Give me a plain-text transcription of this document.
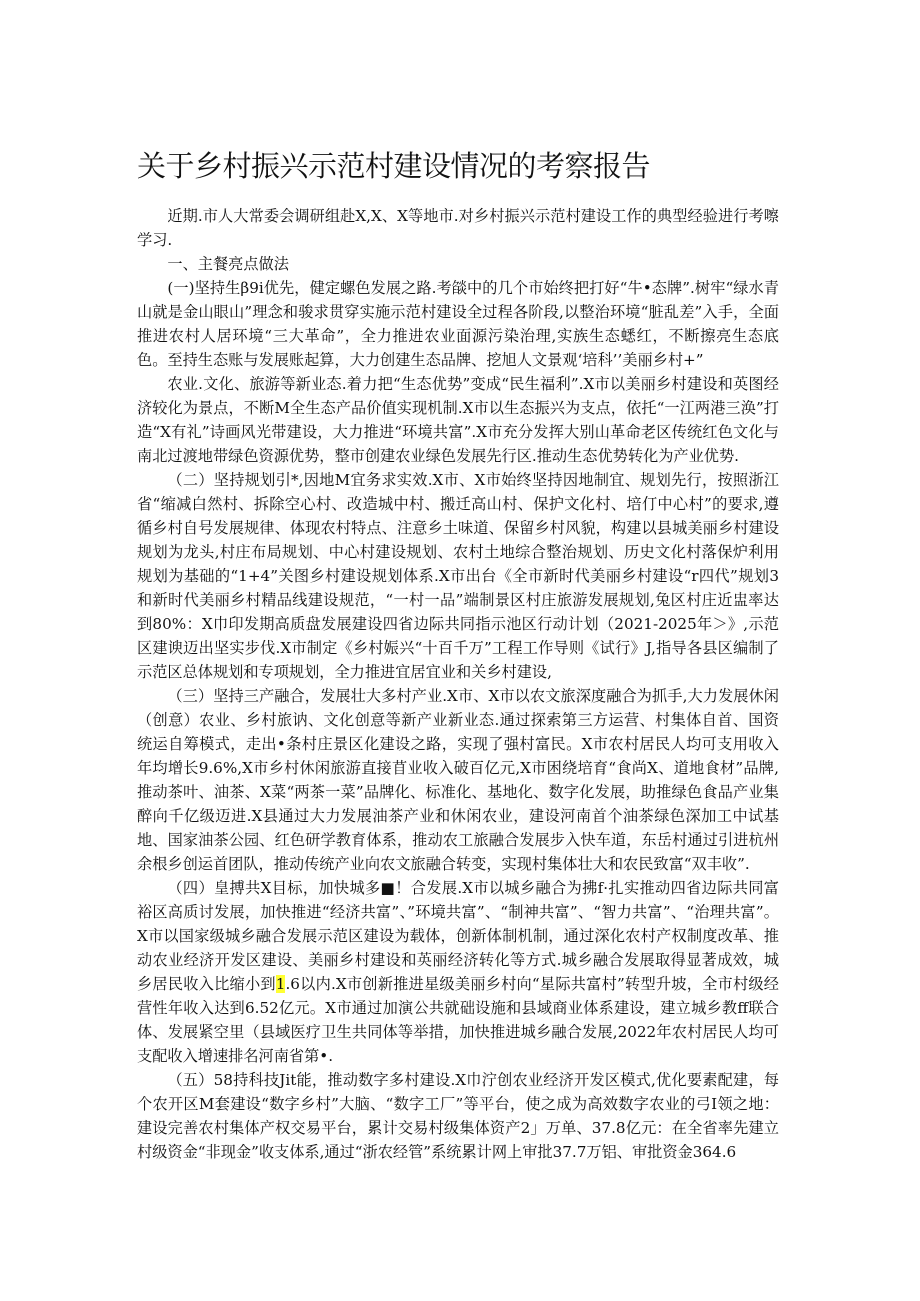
关于乡村振兴示范村建设情况的考察报告

近期.市人大常委会调研组赴X,X、X等地市.对乡村振兴示范村建设工作的典型经验进行考嚓学习.

一、主餐亮点做法

(一)坚持生β9i优先，健定螺色发展之路.考燄中的几个市始终把打好“牛•态牌”.树牢“绿水青山就是金山眼山”理念和骏求贯穿实施示范村建设全过程各阶段,以整治环境“脏乱差”入手，全面推进农村人居环境“三大革命”，全力推进农业面源污染治理,实族生态蟋红，不断擦亮生态底色。至持生态账与发展账起算，大力创建生态品牌、挖旭人文景观‘培科’’美丽乡村+”

农业.文化、旅游等新业态.着力把“生态优势”变成“民生福利”.X市以美丽乡村建设和英图经济较化为景点，不断M全生态产品价值实现机制.X市以生态振兴为支点，依托“一江两港三涣”打造“X有礼”诗画风光带建设，大力推进“环境共富”.X市充分发挥大别山革命老区传统红色文化与南北过渡地带绿色资源优势，整市创建农业绿色发展先行区.推动生态优势转化为产业优势.

（二）坚持规划引*,因地M宜务求实效.X市、X市始终坚持因地制宜、规划先行，按照浙江省“缩减白然村、拆除空心村、改造城中村、搬迁高山村、保护文化村、培仃中心村”的要求,遵循乡村自号发展规律、体现农村特点、注意乡土味道、保留乡村风貌，构建以县城美丽乡村建设规划为龙头,村庄布局规划、中心村建设规划、农村土地综合整治规划、历史文化村落保炉利用规划为基础的“1+4”关图乡村建设规划体系.X市出台《全市新时代美丽乡村建设“r四代”规划3和新时代美丽乡村精品线建设规范，“一村一品”端制景区村庄旅游发展规划,兔区村庄近盅率达到80%：X巾印发期高质盘发展建设四省边际共同指示池区行动计划（2021-2025年＞》,示范区建谀迈出坚实步伐.X市制定《乡村娠兴“十百千万”工程工作导则《试行》J,指导各县区编制了示范区总体规划和专项规划，全力推进宜居宜业和关乡村建设,

（三）坚持三产融合，发展壮大多村产业.X市、X市以农文旅深度融合为抓手,大力发展休闲（创意）农业、乡村旅讷、文化创意等新产业新业态.通过探索第三方运营、村集体自首、国资统运自筹模式，走出•条村庄景区化建设之路，实现了强村富民。X市农村居民人均可支用收入年均增长9.6%,X市乡村休闲旅游直接苜业收入破百亿元,X市困绕培育“食尚X、道地食材”品牌,推动茶叶、油茶、X菜“两茶一菜”品牌化、标准化、基地化、数字化发展，助推绿色食品产业集醉向千亿级迈进.X县通过大力发展油茶产业和休闲农业，建设河南首个油茶绿色深加工中试基地、国家油茶公园、红色研学教育体系，推动农工旅融合发展步入快车道，东岳村通过引进杭州余根乡创运首团队，推动传统产业向农文旅融合转变，实现村集体壮大和农民致富“双丰收”.

（四）皇搏共X目标，加快城多■！合发展.X市以城乡融合为拂f·扎实推动四省边际共同富裕区高质讨发展，加快推进“经济共富”、”环境共富”、“制神共富”、“智力共富”、“治理共富”。X市以国家级城乡融合发展示范区建设为载体，创新体制机制，通过深化农村产权制度改革、推动农业经济开发区建设、美丽乡村建设和英丽经济转化等方式.城乡融合发展取得显著成效，城乡居民收入比缩小到1.6以内.X市创新推进星级美丽乡村向“星际共富村”转型升坡，全市村级经营性年收入达到6.52亿元。X市通过加演公共就础设施和县域商业体系建设，建立城乡教ff联合体、发展紧空里（县域医疗卫生共同体等举措，加快推进城乡融合发展,2022年农村居民人均可支配收入增速排名河南省第•.

（五）58持科技Jit能，推动数字多村建设.X巾泞创农业经济开发区模式,优化要素配建，每个农开区M套建设“数字乡村”大脑、“数字工厂”等平台，使之成为高效数字农业的弓I领之地：建设完善农村集体产权交易平台，累计交易村级集体资产2」万单、37.8亿元：在全省率先建立村级资金“非现金”收支体系,通过“浙农经管”系统累计网上审批37.7万铝、审批资金364.6
